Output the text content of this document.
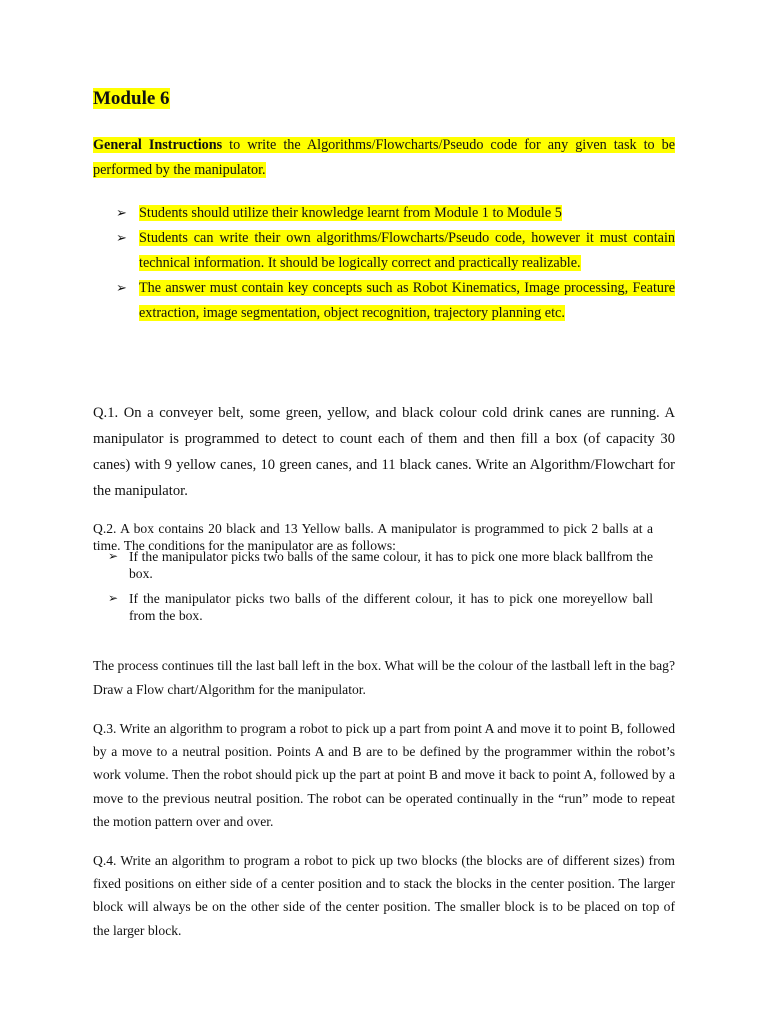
Module 6
General Instructions to write the Algorithms/Flowcharts/Pseudo code for any given task to be performed by the manipulator.
➢ Students should utilize their knowledge learnt from Module 1 to Module 5
➢ Students can write their own algorithms/Flowcharts/Pseudo code, however it must contain technical information. It should be logically correct and practically realizable.
➢ The answer must contain key concepts such as Robot Kinematics, Image processing, Feature extraction, image segmentation, object recognition, trajectory planning etc.

Q.1. On a conveyer belt, some green, yellow, and black colour cold drink canes are running. A manipulator is programmed to detect to count each of them and then fill a box (of capacity 30 canes) with 9 yellow canes, 10 green canes, and 11 black canes. Write an Algorithm/Flowchart for the manipulator.

Q.2. A box contains 20 black and 13 Yellow balls. A manipulator is programmed to pick 2 balls at a time. The conditions for the manipulator are as follows:

➢ If the manipulator picks two balls of the same colour, it has to pick one more black ballfrom the box.
➢ If the manipulator picks two balls of the different colour, it has to pick one moreyellow ball from the box.

The process continues till the last ball left in the box. What will be the colour of the lastball left in the bag? Draw a Flow chart/Algorithm for the manipulator.

Q.3. Write an algorithm to program a robot to pick up a part from point A and move it to point B, followed by a move to a neutral position. Points A and B are to be defined by the programmer within the robot’s work volume. Then the robot should pick up the part at point B and move it back to point A, followed by a move to the previous neutral position. The robot can be operated continually in the “run” mode to repeat the motion pattern over and over.

Q.4. Write an algorithm to program a robot to pick up two blocks (the blocks are of different sizes) from fixed positions on either side of a center position and to stack the blocks in the center position. The larger block will always be on the other side of the center position. The smaller block is to be placed on top of the larger block.
